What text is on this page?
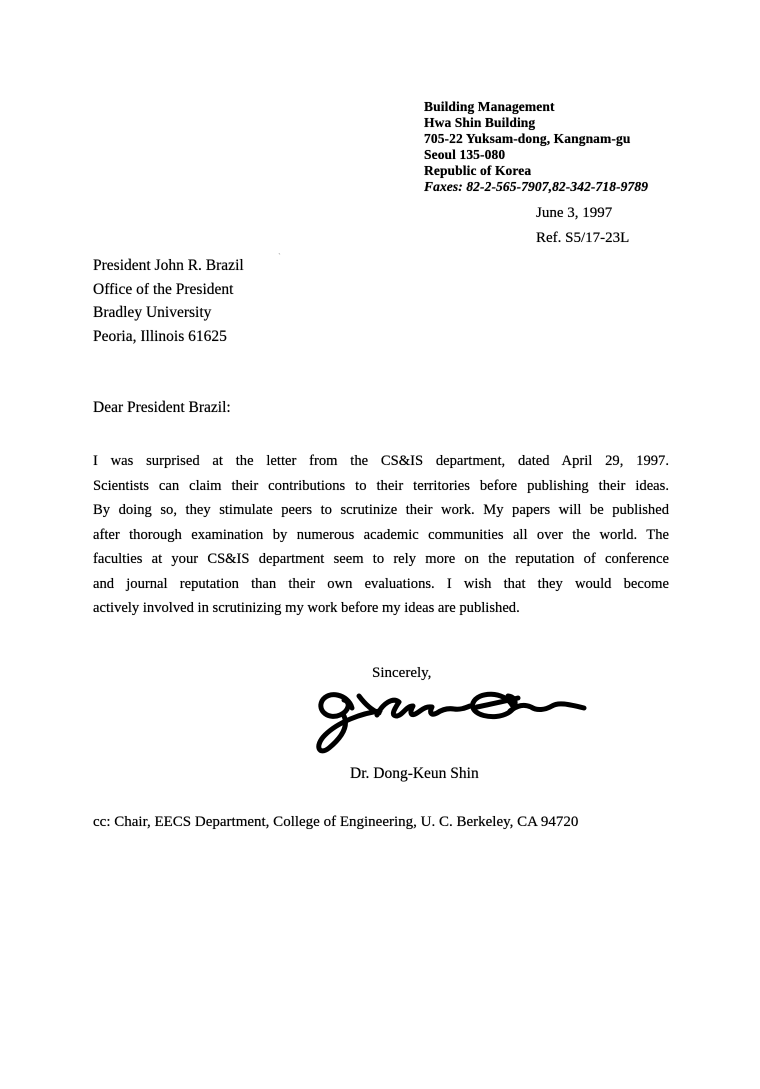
Building Management
Hwa Shin Building
705-22 Yuksam-dong, Kangnam-gu
Seoul 135-080
Republic of Korea
Faxes: 82-2-565-7907,82-342-718-9789
June 3, 1997
Ref. S5/17-23L
President John R. Brazil
Office of the President
Bradley University
Peoria, Illinois 61625
`
Dear President Brazil:
I was surprised at the letter from the CS&IS department, dated April 29, 1997.
Scientists can claim their contributions to their territories before publishing their ideas.
By doing so, they stimulate peers to scrutinize their work. My papers will be published
after thorough examination by numerous academic communities all over the world. The
faculties at your CS&IS department seem to rely more on the reputation of conference
and journal reputation than their own evaluations. I wish that they would become
actively involved in scrutinizing my work before my ideas are published.
Sincerely,
Dr. Dong-Keun Shin
cc: Chair, EECS Department, College of Engineering, U. C. Berkeley, CA 94720
